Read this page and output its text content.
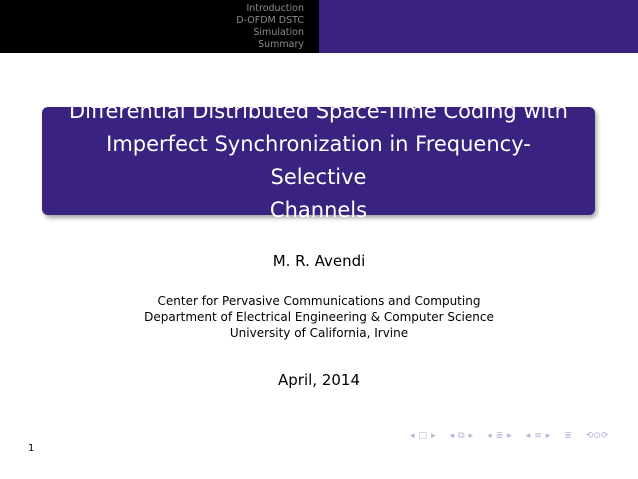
Introduction
D-OFDM DSTC
Simulation
Summary
Differential Distributed Space-Time Coding with
Imperfect Synchronization in Frequency-Selective
Channels
M. R. Avendi
Center for Pervasive Communications and Computing
Department of Electrical Engineering & Computer Science
University of California, Irvine
April, 2014
1
◂ □ ▸ ◂ ⧉ ▸ ◂ ≣ ▸ ◂ ≡ ▸ ≣ ⟲⊙⟳
